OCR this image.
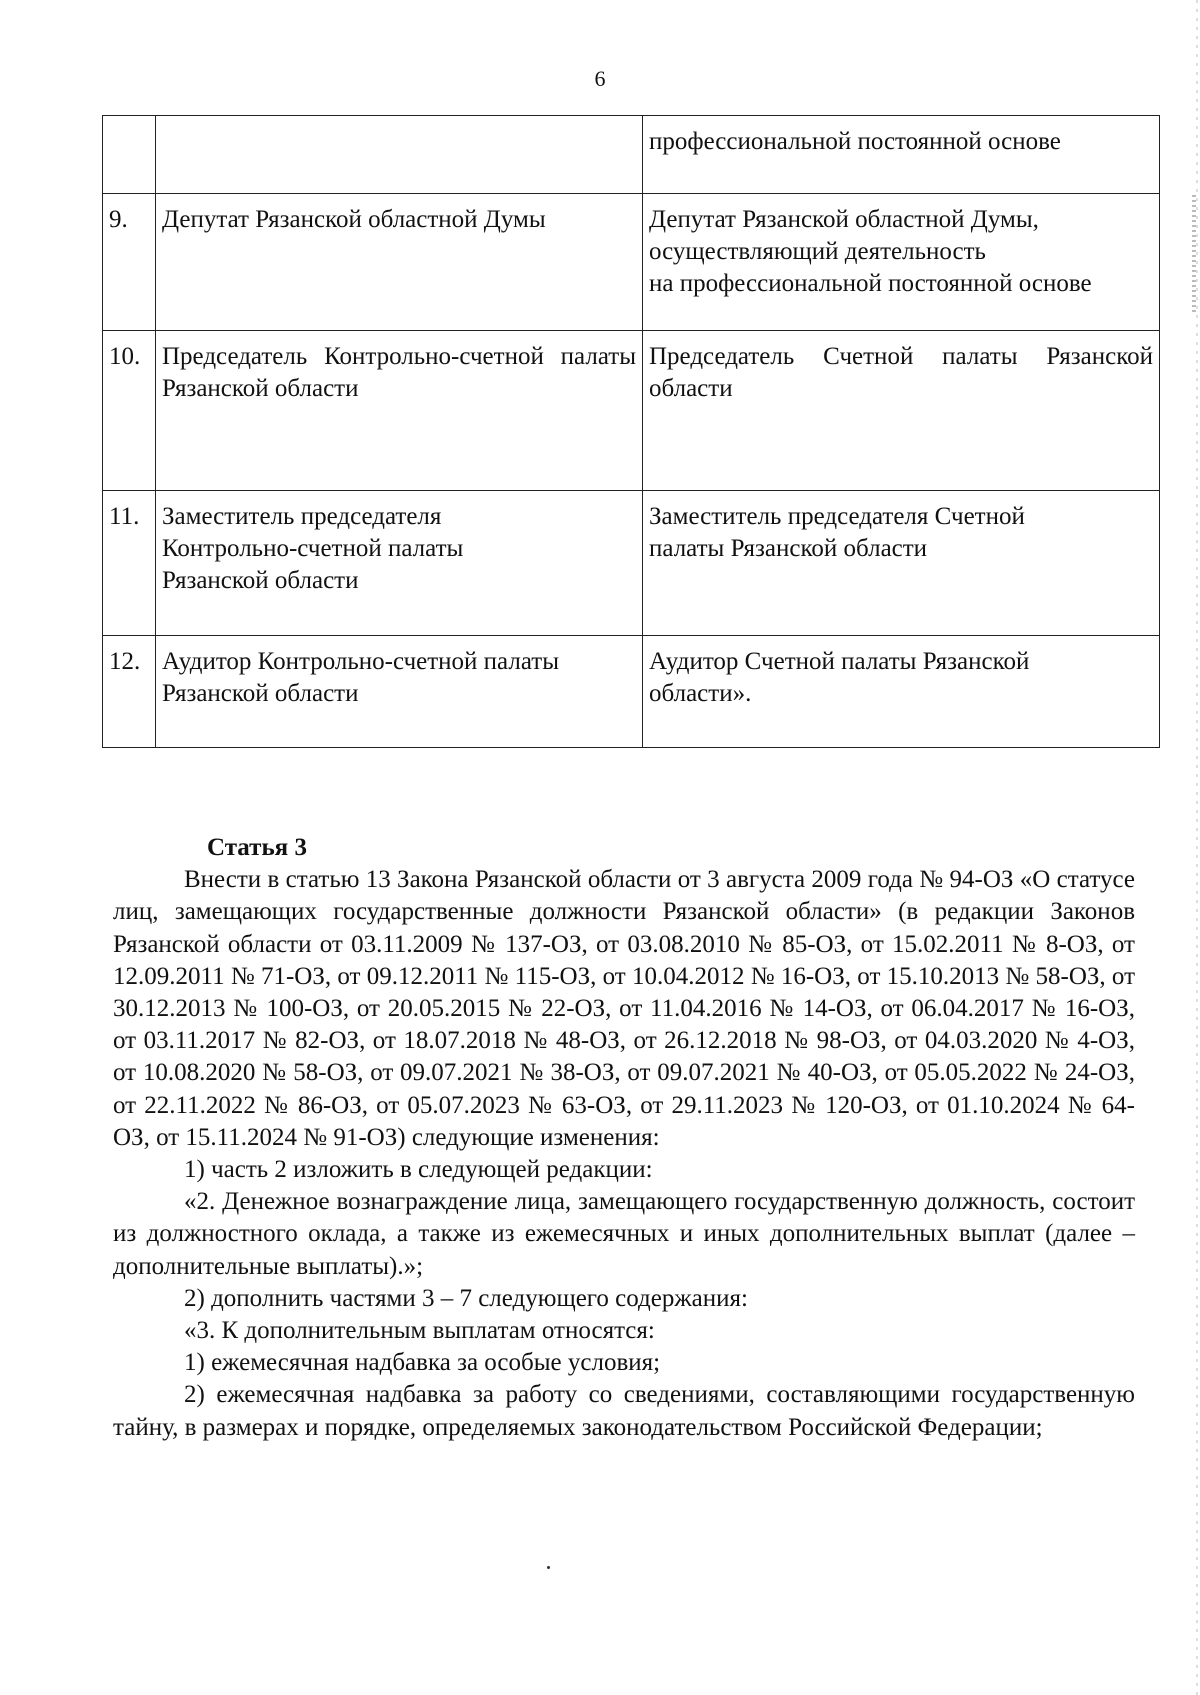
6
		профессиональной постоянной основе
9.	Депутат Рязанской областной Думы	Депутат Рязанской областной Думы,
осуществляющий деятельность
на профессиональной постоянной основе
10.	Председатель Контрольно-счетной палаты Рязанской области	Председатель Счетной палаты Рязанской области

11.	Заместитель председателя
Контрольно-счетной палаты
Рязанской области	Заместитель председателя Счетной
палаты Рязанской области
12.	Аудитор Контрольно-счетной палаты
Рязанской области	Аудитор Счетной палаты Рязанской
области».
Статья 3

Внести в статью 13 Закона Рязанской области от 3 августа 2009 года № 94-ОЗ «О статусе лиц, замещающих государственные должности Рязанской области» (в редакции Законов Рязанской области от 03.11.2009 № 137-ОЗ, от 03.08.2010 № 85-ОЗ, от 15.02.2011 № 8-ОЗ, от 12.09.2011 № 71-ОЗ, от 09.12.2011 № 115-ОЗ, от 10.04.2012 № 16-ОЗ, от 15.10.2013 № 58-ОЗ, от 30.12.2013 № 100-ОЗ, от 20.05.2015 № 22-ОЗ, от 11.04.2016 № 14-ОЗ, от 06.04.2017 № 16-ОЗ, от 03.11.2017 № 82-ОЗ, от 18.07.2018 № 48-ОЗ, от 26.12.2018 № 98-ОЗ, от 04.03.2020 № 4-ОЗ, от 10.08.2020 № 58-ОЗ, от 09.07.2021 № 38-ОЗ, от 09.07.2021 № 40-ОЗ, от 05.05.2022 № 24-ОЗ, от 22.11.2022 № 86-ОЗ, от 05.07.2023 № 63-ОЗ, от 29.11.2023 № 120-ОЗ, от 01.10.2024 № 64-ОЗ, от 15.11.2024 № 91-ОЗ) следующие изменения:

1) часть 2 изложить в следующей редакции:

«2. Денежное вознаграждение лица, замещающего государственную должность, состоит из должностного оклада, а также из ежемесячных и иных дополнительных выплат (далее – дополнительные выплаты).»;

2) дополнить частями 3 – 7 следующего содержания:

«3. К дополнительным выплатам относятся:

1) ежемесячная надбавка за особые условия;

2) ежемесячная надбавка за работу со сведениями, составляющими государственную тайну, в размерах и порядке, определяемых законодательством Российской Федерации;
